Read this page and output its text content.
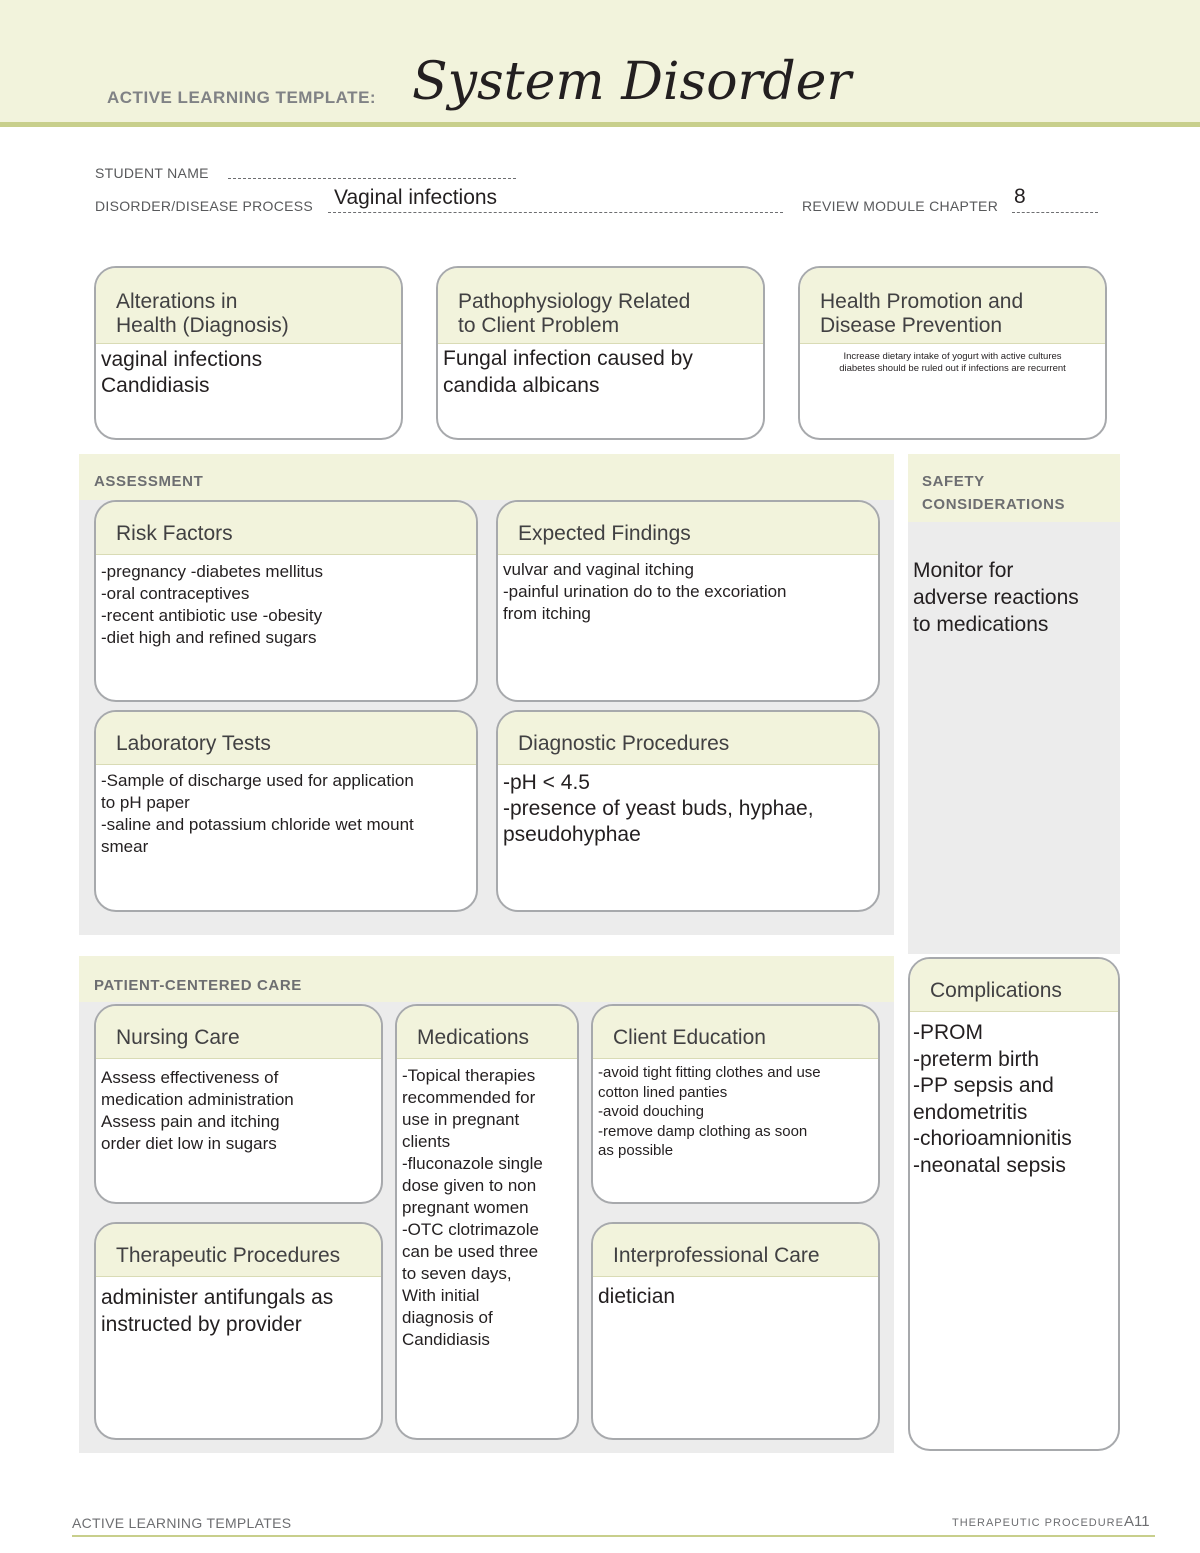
ACTIVE LEARNING TEMPLATE: System Disorder
STUDENT NAME
DISORDER/DISEASE PROCESS Vaginal infections	REVIEW MODULE CHAPTER 8
Alterations in
Health (Diagnosis)
vaginal infections
Candidiasis
Pathophysiology Related
to Client Problem
Fungal infection caused by
candida albicans
Health Promotion and
Disease Prevention
Increase dietary intake of yogurt with active cultures
diabetes should be ruled out if infections are recurrent
ASSESSMENT
Risk Factors
-pregnancy -diabetes mellitus
-oral contraceptives
-recent antibiotic use -obesity
-diet high and refined sugars
Expected Findings
vulvar and vaginal itching
-painful urination do to the excoriation
from itching
Laboratory Tests
-Sample of discharge used for application
to pH paper
-saline and potassium chloride wet mount
smear
Diagnostic Procedures
-pH < 4.5
-presence of yeast buds, hyphae,
pseudohyphae
SAFETY
CONSIDERATIONS
Monitor for
adverse reactions
to medications
PATIENT-CENTERED CARE
Nursing Care
Assess effectiveness of
medication administration
Assess pain and itching
order diet low in sugars
Medications
-Topical therapies
recommended for
use in pregnant
clients
-fluconazole single
dose given to non
pregnant women
-OTC clotrimazole
can be used three
to seven days,
With initial
diagnosis of
Candidiasis
Client Education
-avoid tight fitting clothes and use
cotton lined panties
-avoid douching
-remove damp clothing as soon
as possible
Therapeutic Procedures
administer antifungals as
instructed by provider
Interprofessional Care
dietician
Complications
-PROM
-preterm birth
-PP sepsis and
endometritis
-chorioamnionitis
-neonatal sepsis
ACTIVE LEARNING TEMPLATES	THERAPEUTIC PROCEDURE A11
